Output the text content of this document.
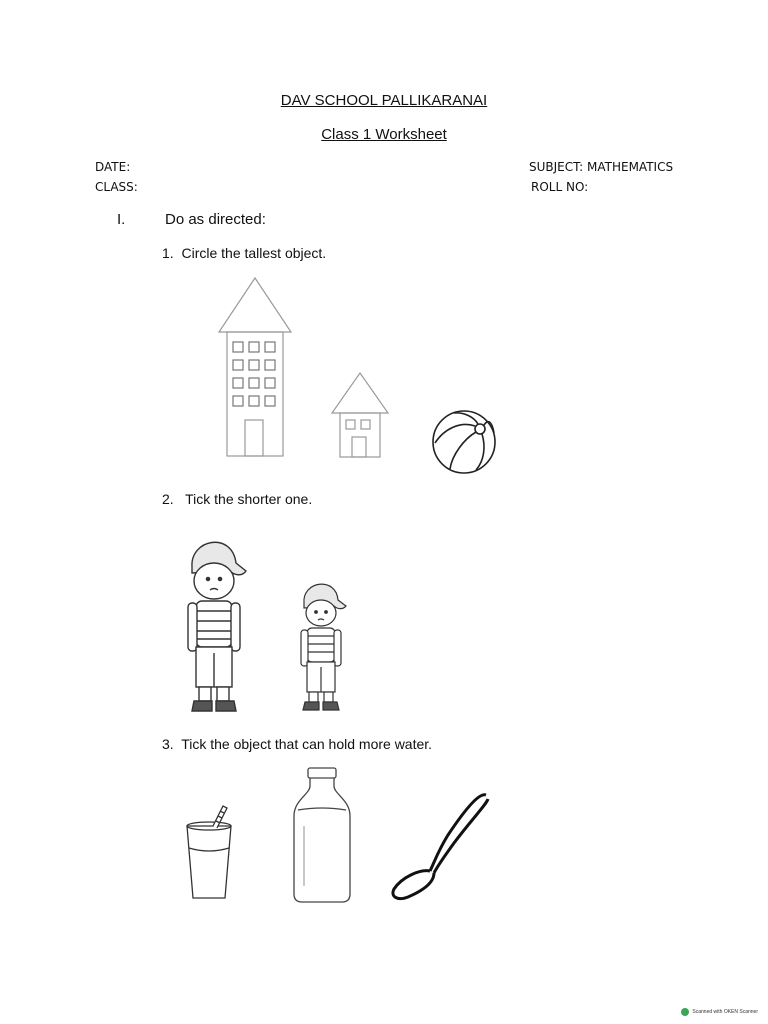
DAV SCHOOL PALLIKARANAI
Class 1 Worksheet
DATE:
CLASS:
SUBJECT: MATHEMATICS
ROLL NO:
I.	Do as directed:
1. Circle the tallest object.
2. Tick the shorter one.
3. Tick the object that can hold more water.
Scanned with OKEN Scanner
